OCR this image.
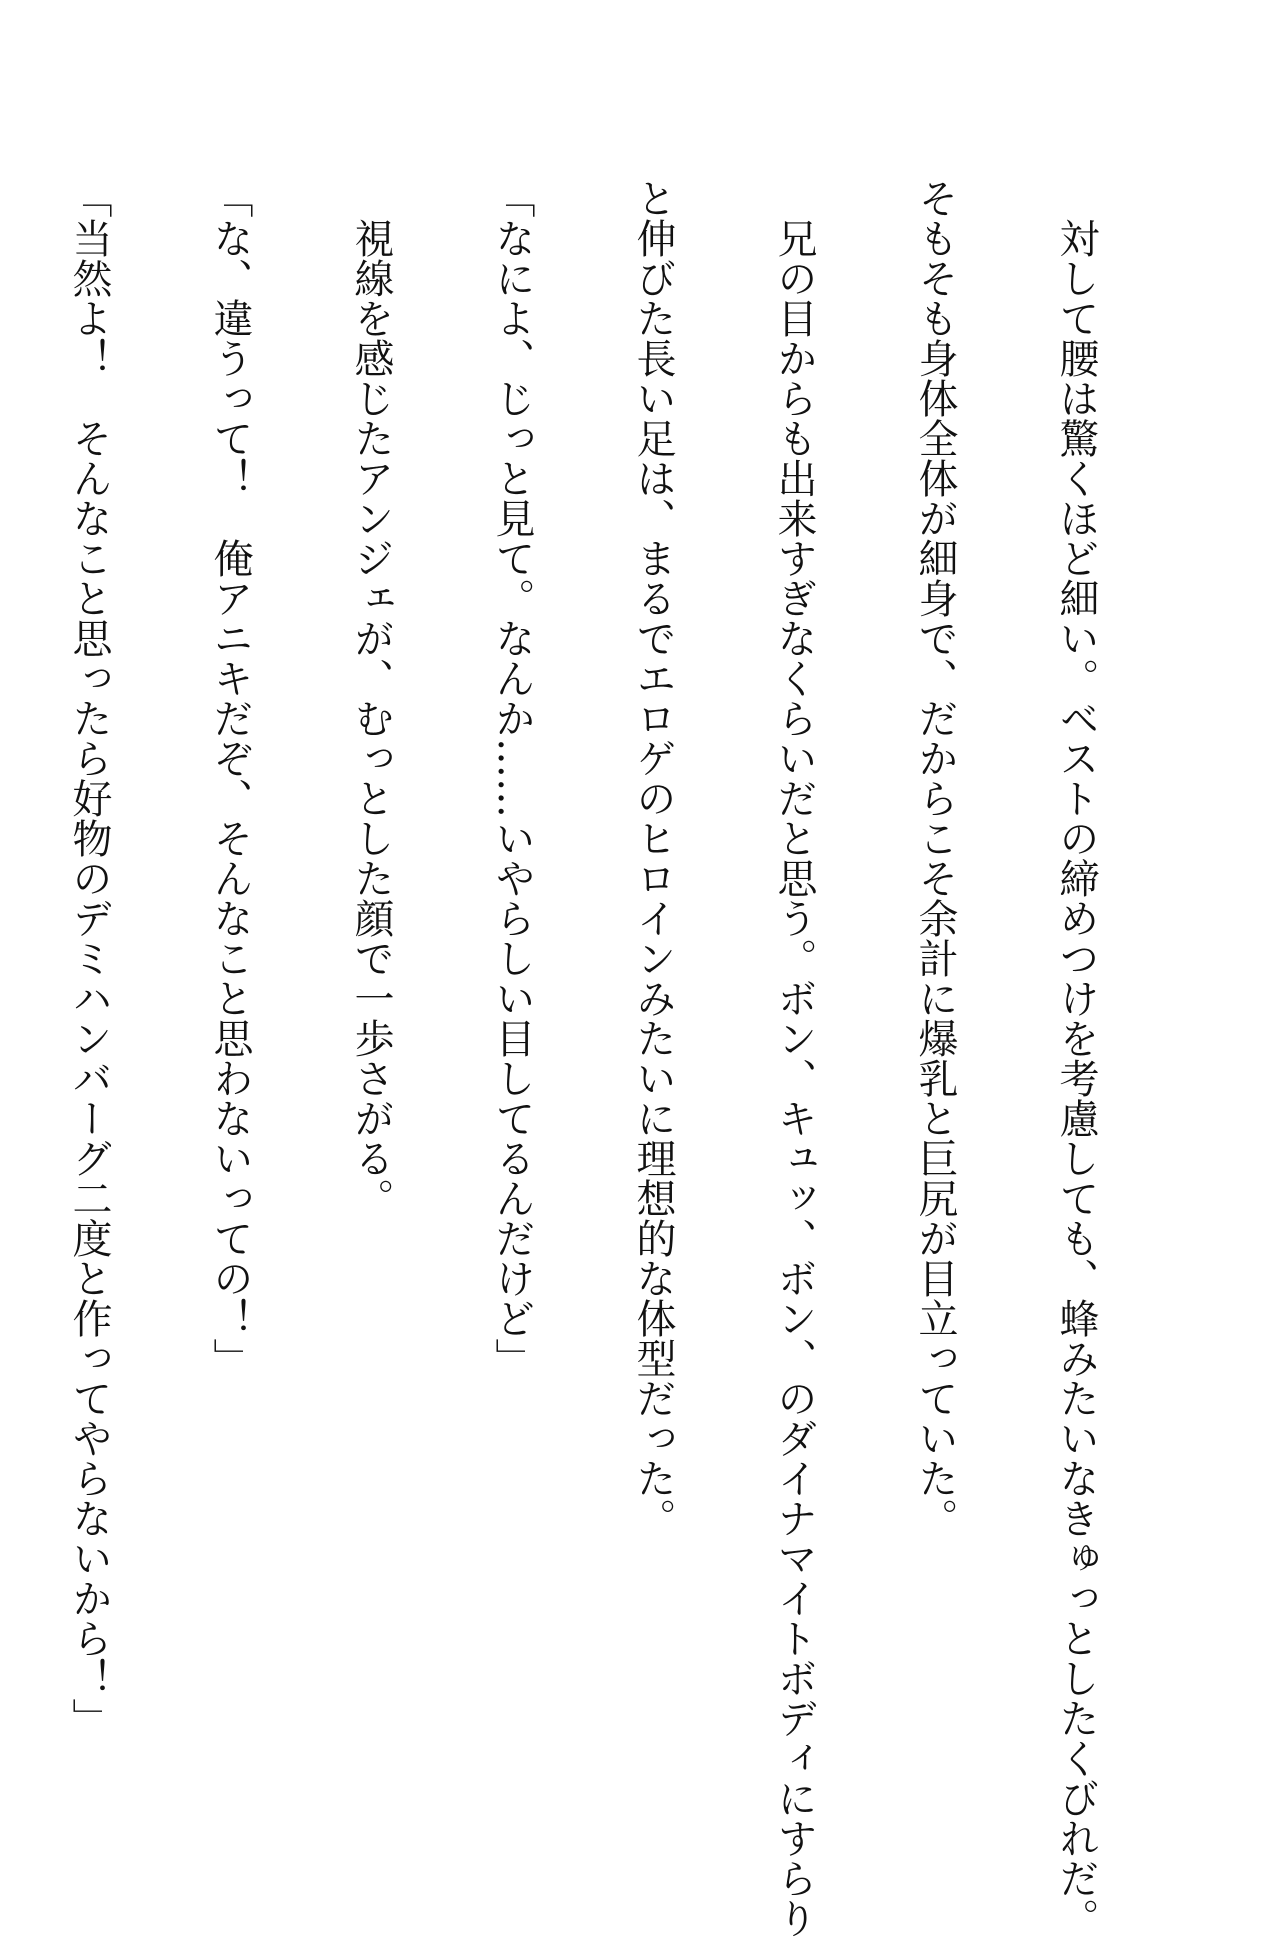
　対して腰は驚くほど細い。ベストの締めつけを考慮しても、蜂みたいなきゅっとしたくびれだ。

そもそも身体全体が細身で、だからこそ余計に爆乳と巨尻が目立っていた。

　兄の目からも出来すぎなくらいだと思う。ボン、キュッ、ボン、のダイナマイトボディにすらり

と伸びた長い足は、まるでエロゲのヒロインみたいに理想的な体型だった。

「なによ、じっと見て。なんか……いやらしい目してるんだけど」

　視線を感じたアンジェが、むっとした顔で一歩さがる。

「な、違うって！　俺アニキだぞ、そんなこと思わないっての！」

「当然よ！　そんなこと思ったら好物のデミハンバーグ二度と作ってやらないから！」
